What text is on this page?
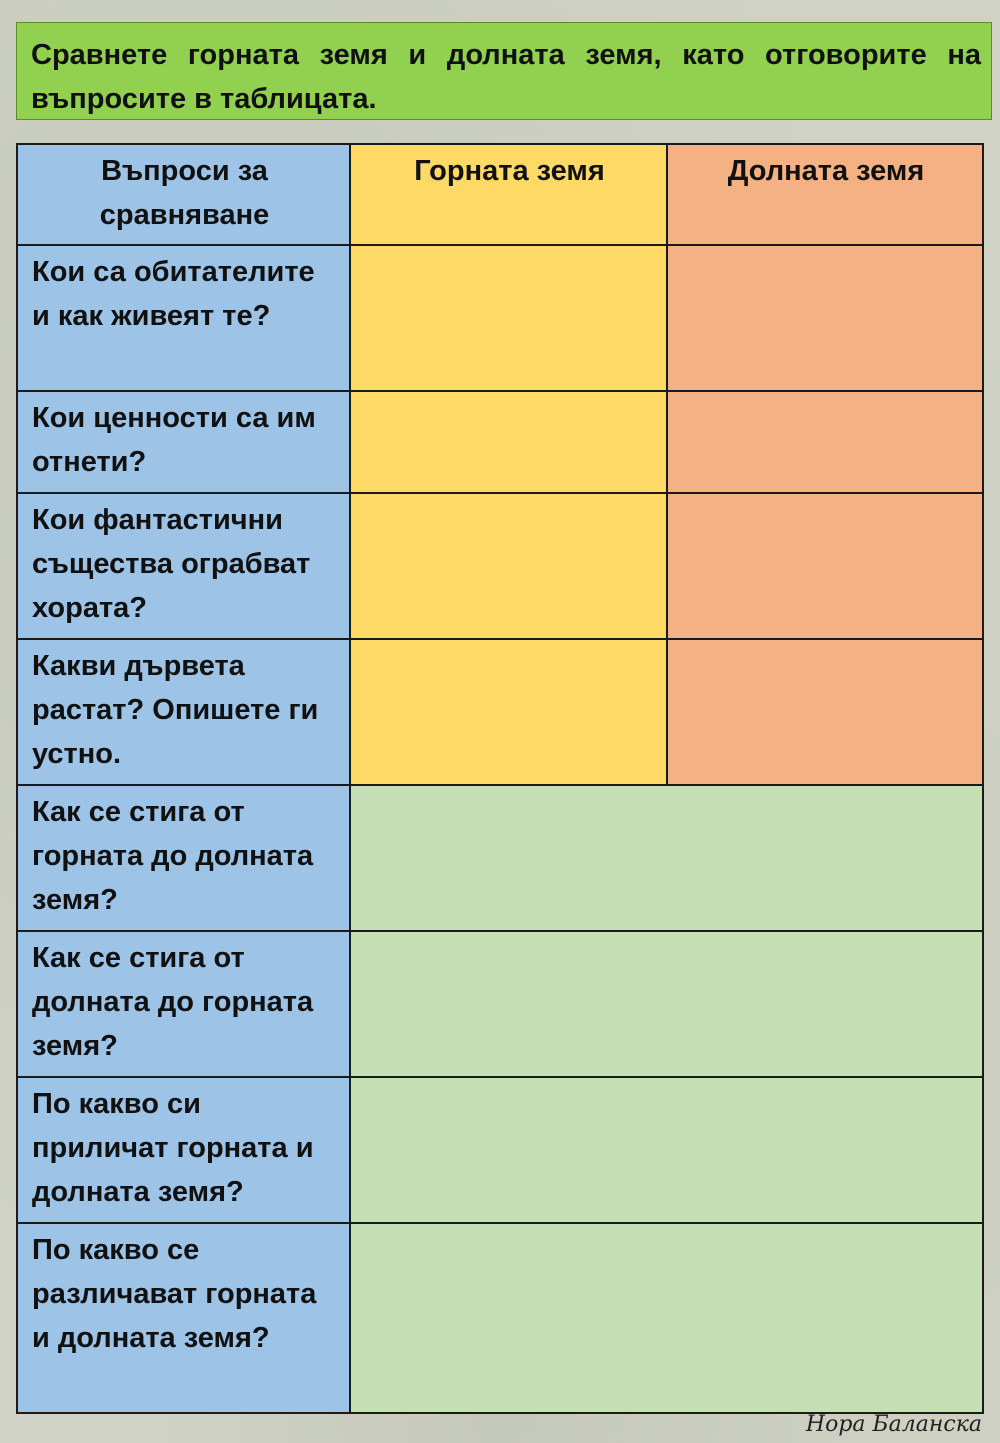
Сравнете горната земя и долната земя, като отговорите на въпросите в таблицата.
Въпроси за сравняване	Горната земя	Долната земя
Кои са обитателите и как живеят те?		
Кои ценности са им отнети?		
Кои фантастични същества ограбват хората?		
Какви дървета растат? Опишете ги устно.		
Как се стига от горната до долната земя?		
Как се стига от долната до горната земя?		
По какво си приличат горната и долната земя?		
По какво се различават горната и долната земя?		
Нора Баланска
